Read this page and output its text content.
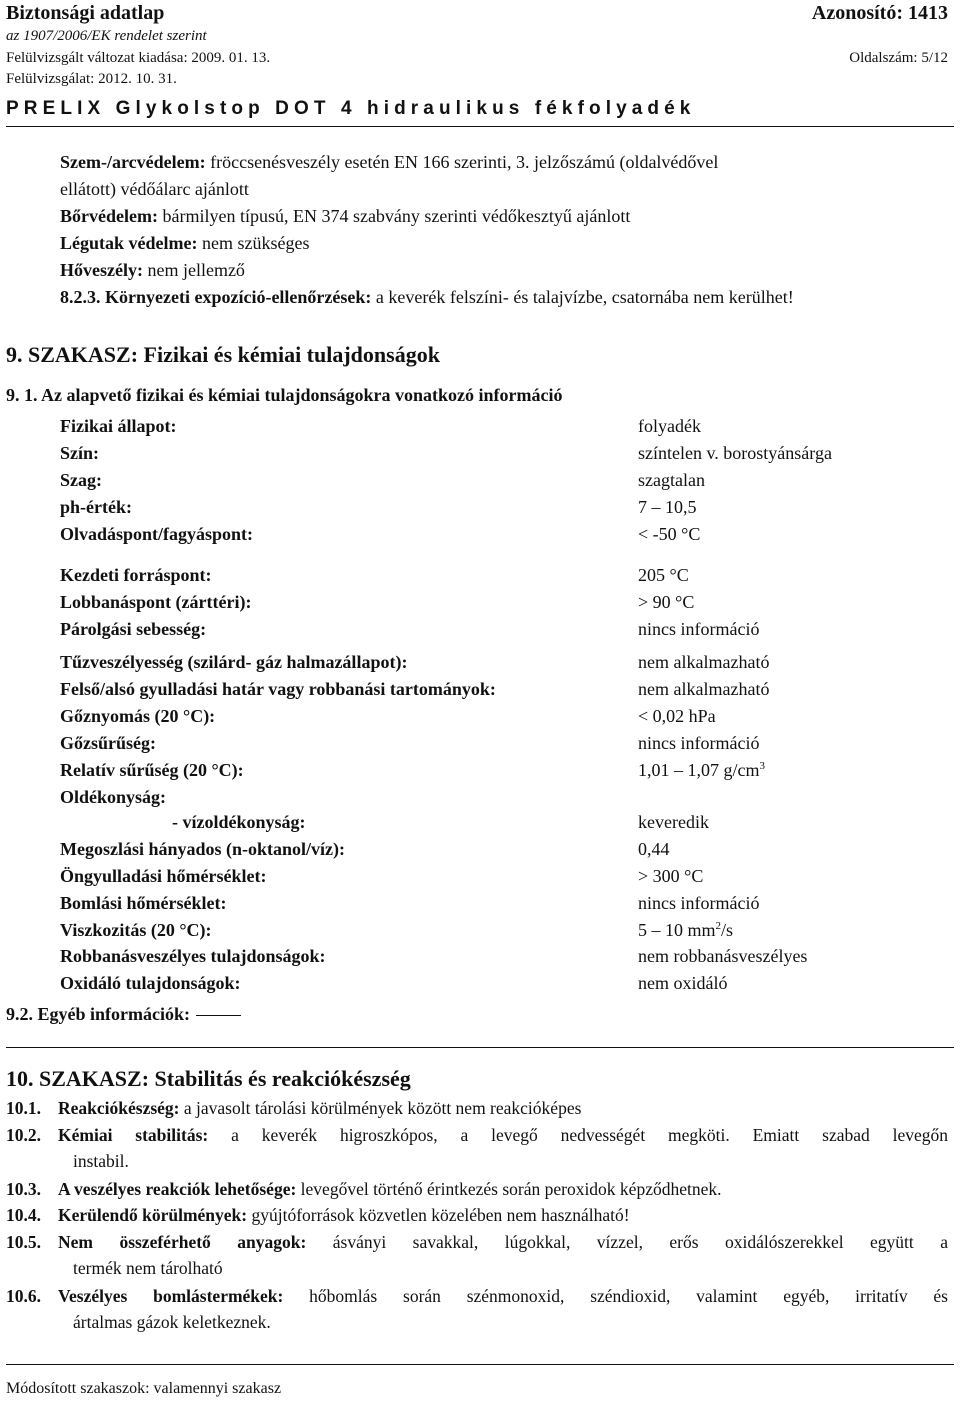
Biztonsági adatlap	Azonosító: 1413
az 1907/2006/EK rendelet szerint
Felülvizsgált változat kiadása: 2009. 01. 13.	Oldalszám: 5/12
Felülvizsgálat: 2012. 10. 31.
PRELIX Glykolstop DOT 4 hidraulikus fékfolyadék
Szem-/arcvédelem: fröccsenésveszély esetén EN 166 szerinti, 3. jelzőszámú (oldalvédővel
ellátott) védőálarc ajánlott
Bőrvédelem: bármilyen típusú, EN 374 szabvány szerinti védőkesztyű ajánlott
Légutak védelme: nem szükséges
Hőveszély: nem jellemző
8.2.3. Környezeti expozíció-ellenőrzések: a keverék felszíni- és talajvízbe, csatornába nem kerülhet!
9. SZAKASZ: Fizikai és kémiai tulajdonságok
9. 1. Az alapvető fizikai és kémiai tulajdonságokra vonatkozó információ
Fizikai állapot:	folyadék
Szín:	színtelen v. borostyánsárga
Szag:	szagtalan
ph-érték:	7 – 10,5
Olvadáspont/fagyáspont:	< -50 °C
Kezdeti forráspont:	205 °C
Lobbanáspont (zárttéri):	> 90 °C
Párolgási sebesség:	nincs információ
Tűzveszélyesség (szilárd- gáz halmazállapot):	nem alkalmazható
Felső/alsó gyulladási határ vagy robbanási tartományok:	nem alkalmazható
Gőznyomás (20 °C):	< 0,02 hPa
Gőzsűrűség:	nincs információ
Relatív sűrűség (20 °C):	1,01 – 1,07 $g/cm^3$
Oldékonyság:
- vízoldékonyság:	keveredik
Megoszlási hányados (n-oktanol/víz):	0,44
Öngyulladási hőmérséklet:	> 300 °C
Bomlási hőmérséklet:	nincs információ
Viszkozitás (20 °C):	5 – 10 $mm^2/s$
Robbanásveszélyes tulajdonságok:	nem robbanásveszélyes
Oxidáló tulajdonságok:	nem oxidáló
9.2. Egyéb információk:
10. SZAKASZ: Stabilitás és reakciókészség
10.1. Reakciókészség: a javasolt tárolási körülmények között nem reakcióképes
10.2. Kémiai stabilitás: a keverék higroszkópos, a levegő nedvességét megköti. Emiatt szabad levegőn
instabil.
10.3. A veszélyes reakciók lehetősége: levegővel történő érintkezés során peroxidok képződhetnek.
10.4. Kerülendő körülmények: gyújtóforrások közvetlen közelében nem használható!
10.5. Nem összeférhető anyagok: ásványi savakkal, lúgokkal, vízzel, erős oxidálószerekkel együtt a
termék nem tárolható
10.6. Veszélyes bomlástermékek: hőbomlás során szénmonoxid, széndioxid, valamint egyéb, irritatív és
ártalmas gázok keletkeznek.
Módosított szakaszok: valamennyi szakasz
